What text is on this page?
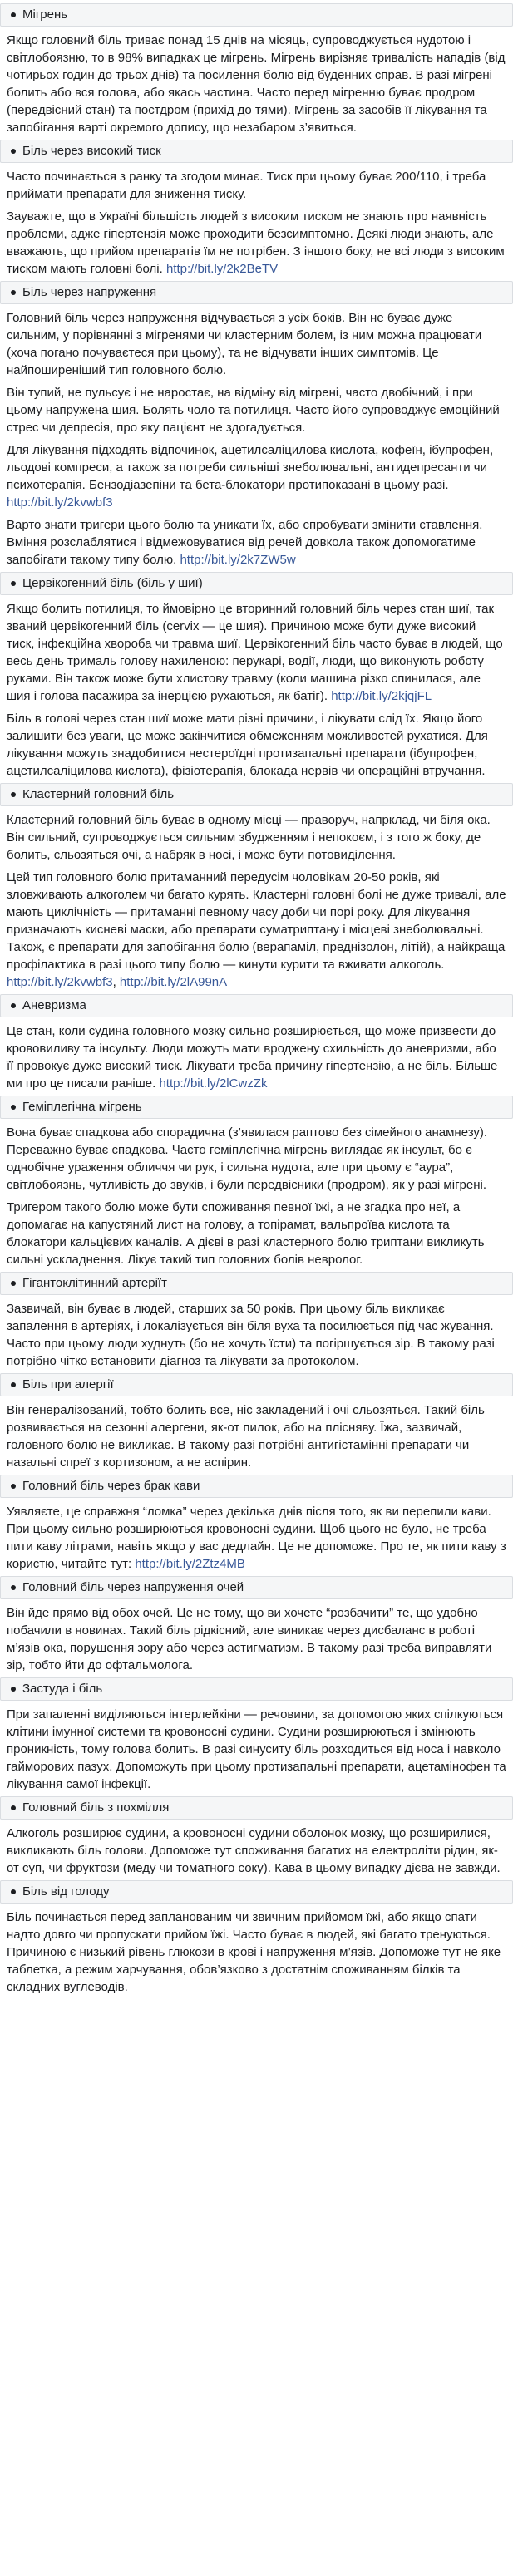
Мігрень

Якщо головний біль триває понад 15 днів на місяць, супроводжується нудотою і світлобоязню, то в 98% випадках це мігрень. Мігрень вирізняє тривалість нападів (від чотирьох годин до трьох днів) та посилення болю від буденних справ. В разі мігрені болить або вся голова, або якась частина. Часто перед мігренню буває продром (передвісний стан) та постдром (прихід до тями). Мігрень за засобів її лікування та запобігання варті окремого допису, що незабаром з’явиться.

Біль через високий тиск

Часто починається з ранку та згодом минає. Тиск при цьому буває 200/110, і треба приймати препарати для зниження тиску.

Зауважте, що в Україні більшість людей з високим тиском не знають про наявність проблеми, адже гіпертензія може проходити безсимптомно. Деякі люди знають, але вважають, що прийом препаратів їм не потрібен. З іншого боку, не всі люди з високим тиском мають головні болі. http://bit.ly/2k2BeTV

Біль через напруження

Головний біль через напруження відчувається з усіх боків. Він не буває дуже сильним, у порівнянні з мігренями чи кластерним болем, із ним можна працювати (хоча погано почуваєтеся при цьому), та не відчувати інших симптомів. Це найпоширеніший тип головного болю.

Він тупий, не пульсує і не наростає, на відміну від мігрені, часто двобічний, і при цьому напружена шия. Болять чоло та потилиця. Часто його супроводжує емоційний стрес чи депресія, про яку пацієнт не здогадується.

Для лікування підходять відпочинок, ацетилсаліцилова кислота, кофеїн, ібупрофен, льодові компреси, а також за потреби сильніші знеболювальні, антидепресанти чи психотерапія. Бензодіазепіни та бета-блокатори протипоказані в цьому разі. http://bit.ly/2kvwbf3

Варто знати тригери цього болю та уникати їх, або спробувати змінити ставлення. Вміння розслаблятися і відмежовуватися від речей довкола також допомогатиме запобігати такому типу болю. http://bit.ly/2k7ZW5w

Цервікогенний біль (біль у шиї)

Якщо болить потилиця, то ймовірно це вторинний головний біль через стан шиї, так званий цервікогенний біль (cervix — це шия). Причиною може бути дуже високий тиск, інфекційна хвороба чи травма шиї. Цервікогенний біль часто буває в людей, що весь день трималь голову нахиленою: перукарі, водії, люди, що виконують роботу руками. Він також може бути хлистову травму (коли машина різко спинилася, але шия і голова пасажира за інерцією рухаються, як батіг). http://bit.ly/2kjqjFL

Біль в голові через стан шиї може мати різні причини, і лікувати слід їх. Якщо його залишити без уваги, це може закінчитися обмеженням можливостей рухатися. Для лікування можуть знадобитися нестероїдні протизапальні препарати (ібупрофен, ацетилсаліцилова кислота), фізіотерапія, блокада нервів чи операційні втручання.

Кластерний головний біль

Кластерний головний біль буває в одному місці — праворуч, напрклад, чи біля ока. Він сильний, супроводжується сильним збудженням і непокоєм, і з того ж боку, де болить, сльозяться очі, а набряк в носі, і може бути потовиділення.

Цей тип головного болю притаманний передусім чоловікам 20-50 років, які зловживають алкоголем чи багато курять. Кластерні головні болі не дуже тривалі, але мають циклічність — притаманні певному часу доби чи порі року. Для лікування призначають кисневі маски, або препарати суматриптану і місцеві знеболювальні. Також, є препарати для запобігання болю (верапаміл, преднізолон, літій), а найкраща профілактика в разі цього типу болю — кинути курити та вживати алкоголь. http://bit.ly/2kvwbf3, http://bit.ly/2lA99nA

Аневризма

Це стан, коли судина головного мозку сильно розширюється, що може призвести до крововиливу та інсульту. Люди можуть мати вроджену схильність до аневризми, або її провокує дуже високий тиск. Лікувати треба причину гіпертензію, а не біль. Більше ми про це писали раніше. http://bit.ly/2lCwzZk

Геміплегічна мігрень

Вона буває спадкова або спорадична (з’явилася раптово без сімейного анамнезу). Переважно буває спадкова. Часто геміплегічна мігрень виглядає як інсульт, бо є однобічне ураження обличчя чи рук, і сильна нудота, але при цьому є “аура”, світлобоязнь, чутливість до звуків, і були передвісники (продром), як у разі мігрені.

Тригером такого болю може бути споживання певної їжі, а не згадка про неї, а допомагає на капустяний лист на голову, а топірамат, вальпроїва кислота та блокатори кальцієвих каналів. А дієві в разі кластерного болю триптани викликуть сильні ускладнення. Лікує такий тип головних болів невролог.

Гігантоклітинний артеріїт

Зазвичай, він буває в людей, старших за 50 років. При цьому біль викликає запалення в артеріях, і локалізується він біля вуха та посилюється під час жування. Часто при цьому люди худнуть (бо не хочуть їсти) та погіршується зір. В такому разі потрібно чітко встановити діагноз та лікувати за протоколом.

Біль при алергії

Він генералізований, тобто болить все, ніс закладений і очі сльозяться. Такий біль розвивається на сезонні алергени, як-от пилок, або на плісняву. Їжа, зазвичай, головного болю не викликає. В такому разі потрібні антигістамінні препарати чи назальні спреї з кортизоном, а не аспірин.

Головний біль через брак кави

Уявляєте, це справжня “ломка” через декілька днів після того, як ви перепили кави. При цьому сильно розширюються кровоносні судини. Щоб цього не було, не треба пити каву літрами, навіть якщо у вас дедлайн. Це не допоможе. Про те, як пити каву з користю, читайте тут: http://bit.ly/2Ztz4MB

Головний біль через напруження очей

Він йде прямо від обох очей. Це не тому, що ви хочете “розбачити” те, що удобно побачили в новинах. Такий біль рідкісний, але виникає через дисбаланс в роботі м’язів ока, порушення зору або через астигматизм. В такому разі треба виправляти зір, тобто йти до офтальмолога.

Застуда і біль

При запаленні виділяються інтерлейкіни — речовини, за допомогою яких спілкуються клітини імунної системи та кровоносні судини. Судини розширюються і змінюють проникність, тому голова болить. В разі синуситу біль розходиться від носа і навколо гайморових пазух. Допоможуть при цьому протизапальні препарати, ацетамінофен та лікування самої інфекції.

Головний біль з похмілля

Алкоголь розширює судини, а кровоносні судини оболонок мозку, що розширилися, викликають біль голови. Допоможе тут споживання багатих на електроліти рідин, як-от суп, чи фруктози (меду чи томатного соку). Кава в цьому випадку дієва не завжди.

Біль від голоду

Біль починається перед запланованим чи звичним прийомом їжі, або якщо спати надто довго чи пропускати прийом їжі. Часто буває в людей, які багато тренуються. Причиною є низький рівень глюкози в крові і напруження м’язів. Допоможе тут не яке таблетка, а режим харчування, обов’язково з достатнім споживанням білків та складних вуглеводів.
